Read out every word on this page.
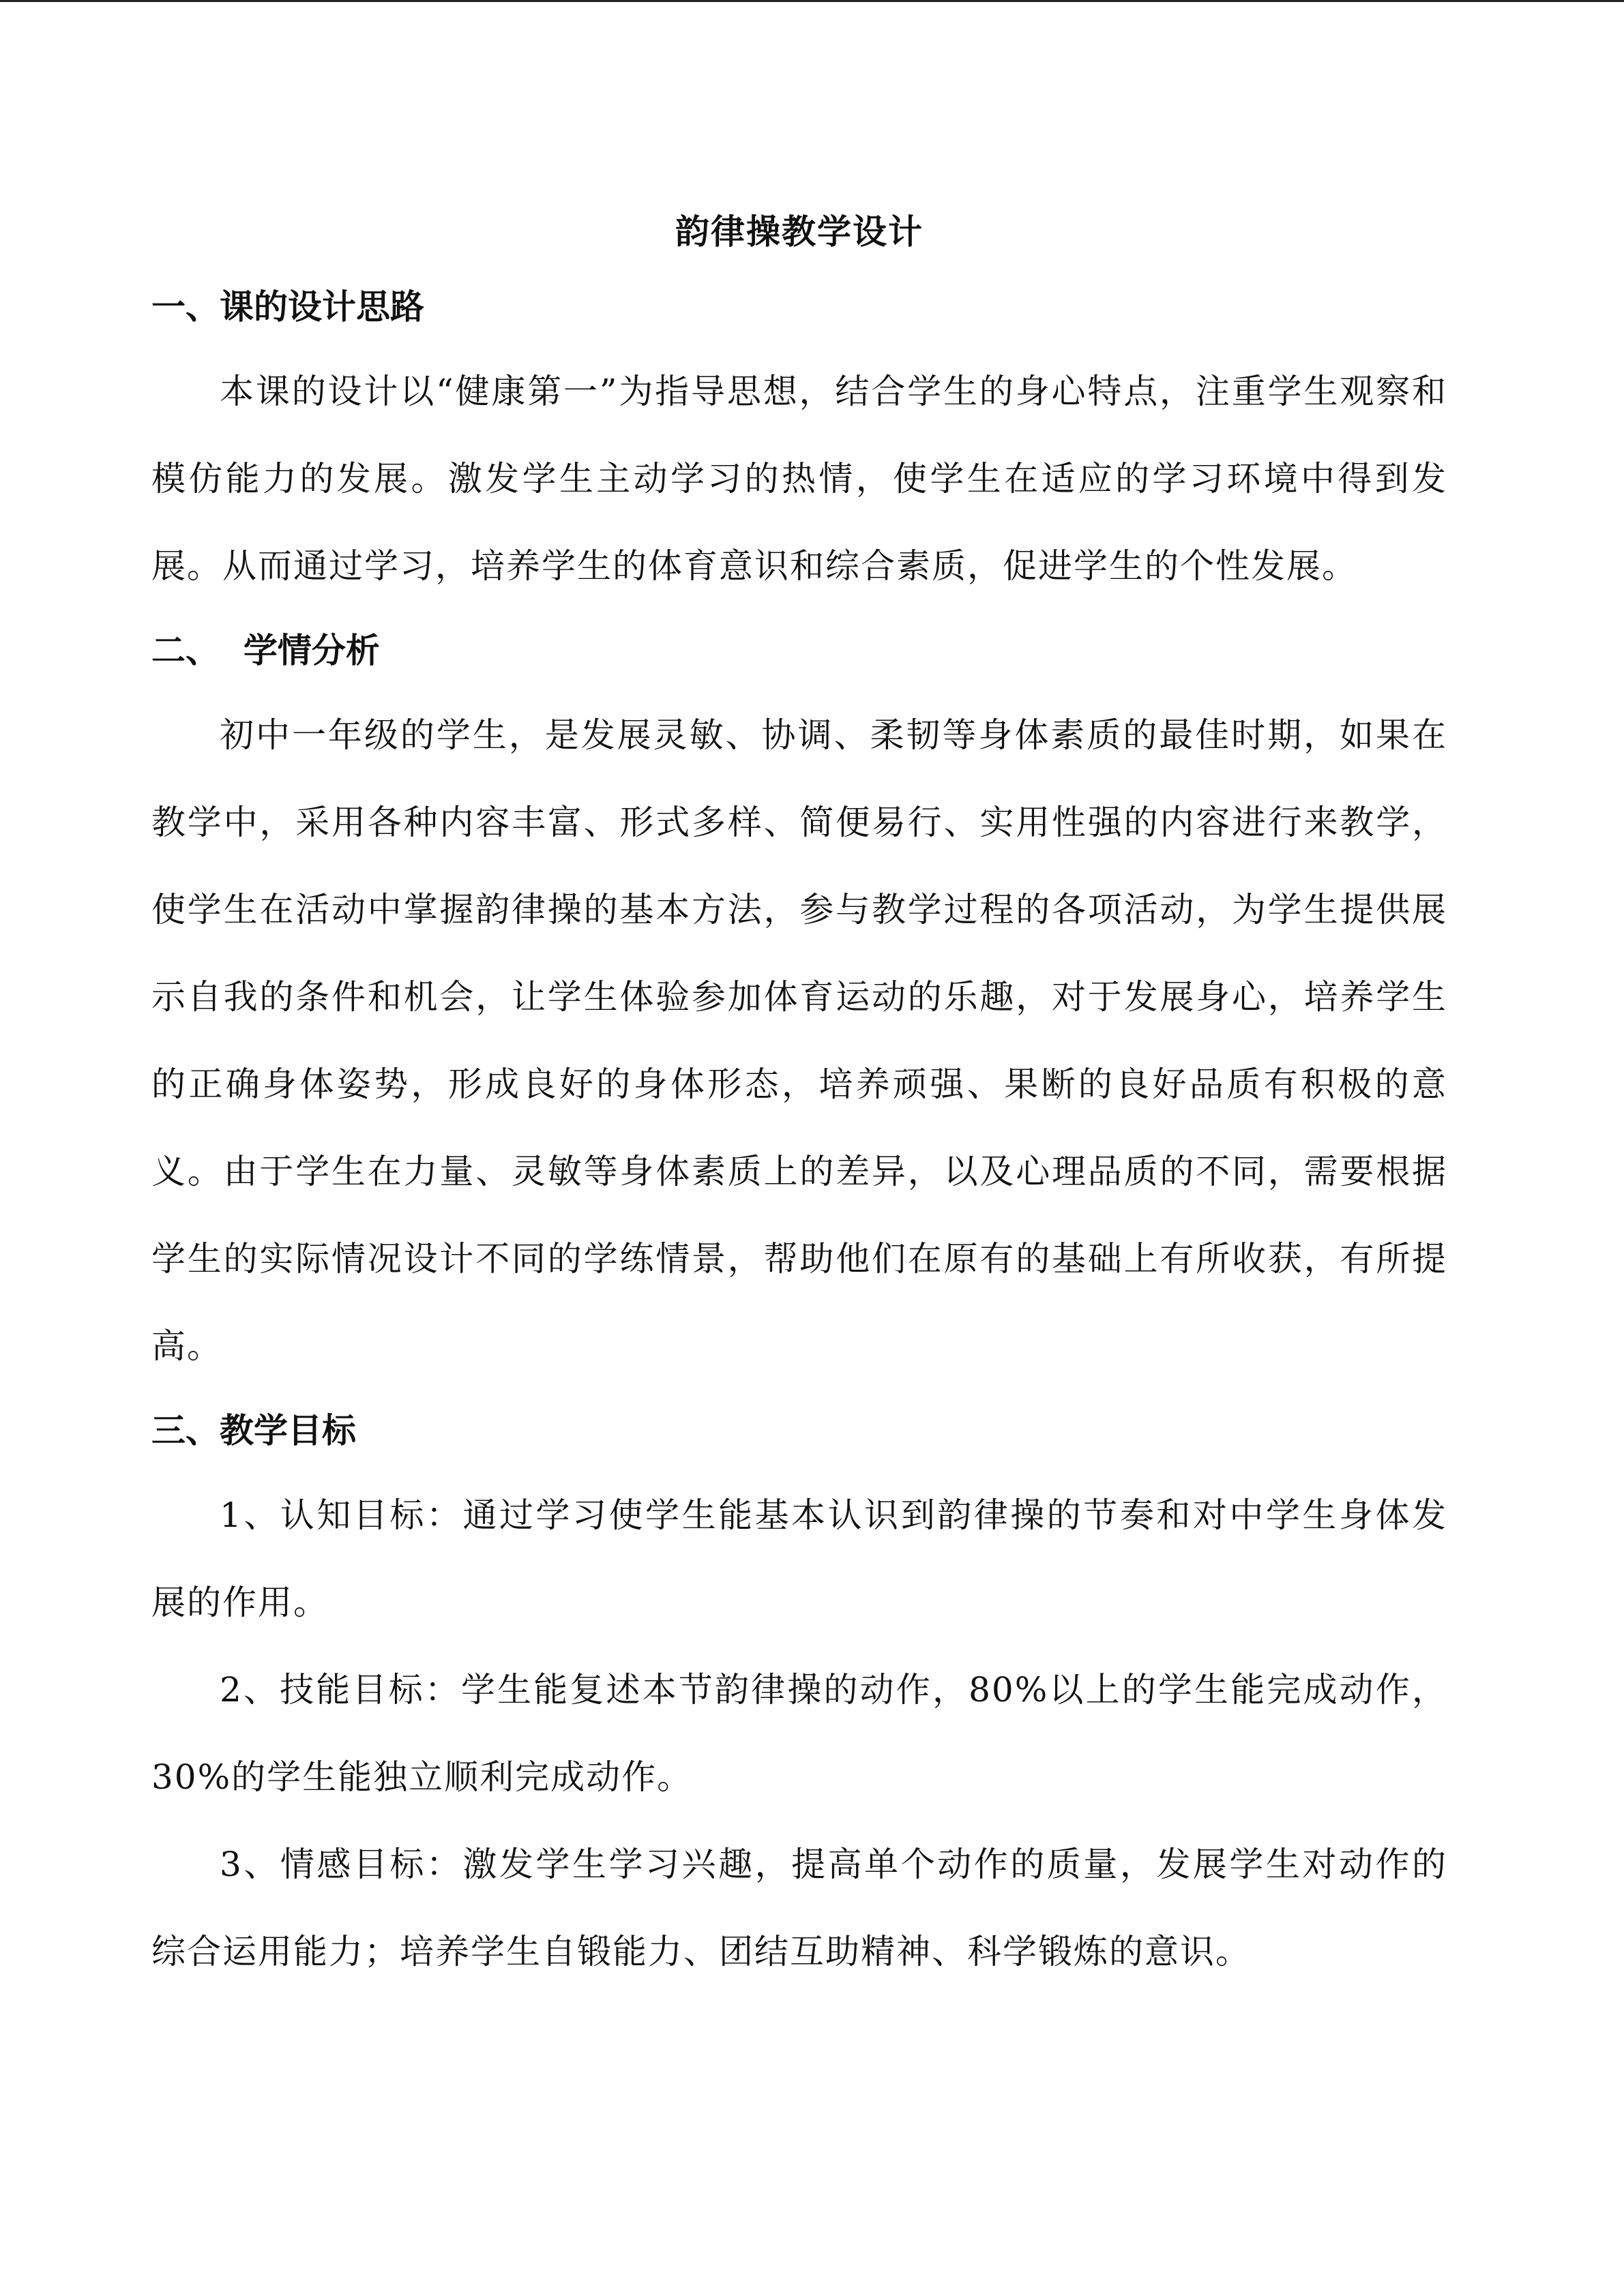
韵律操教学设计
一、课的设计思路

本课的设计以“健康第一”为指导思想，结合学生的身心特点，注重学生观察和模仿能力的发展。激发学生主动学习的热情，使学生在适应的学习环境中得到发展。从而通过学习，培养学生的体育意识和综合素质，促进学生的个性发展。

二、  学情分析

初中一年级的学生，是发展灵敏、协调、柔韧等身体素质的最佳时期，如果在教学中，采用各种内容丰富、形式多样、简便易行、实用性强的内容进行来教学，使学生在活动中掌握韵律操的基本方法，参与教学过程的各项活动，为学生提供展示自我的条件和机会，让学生体验参加体育运动的乐趣，对于发展身心，培养学生的正确身体姿势，形成良好的身体形态，培养顽强、果断的良好品质有积极的意义。由于学生在力量、灵敏等身体素质上的差异，以及心理品质的不同，需要根据学生的实际情况设计不同的学练情景，帮助他们在原有的基础上有所收获，有所提高。

三、教学目标

1、认知目标：通过学习使学生能基本认识到韵律操的节奏和对中学生身体发展的作用。

2、技能目标：学生能复述本节韵律操的动作，80%以上的学生能完成动作，30%的学生能独立顺利完成动作。

3、情感目标：激发学生学习兴趣，提高单个动作的质量，发展学生对动作的综合运用能力；培养学生自锻能力、团结互助精神、科学锻炼的意识。
